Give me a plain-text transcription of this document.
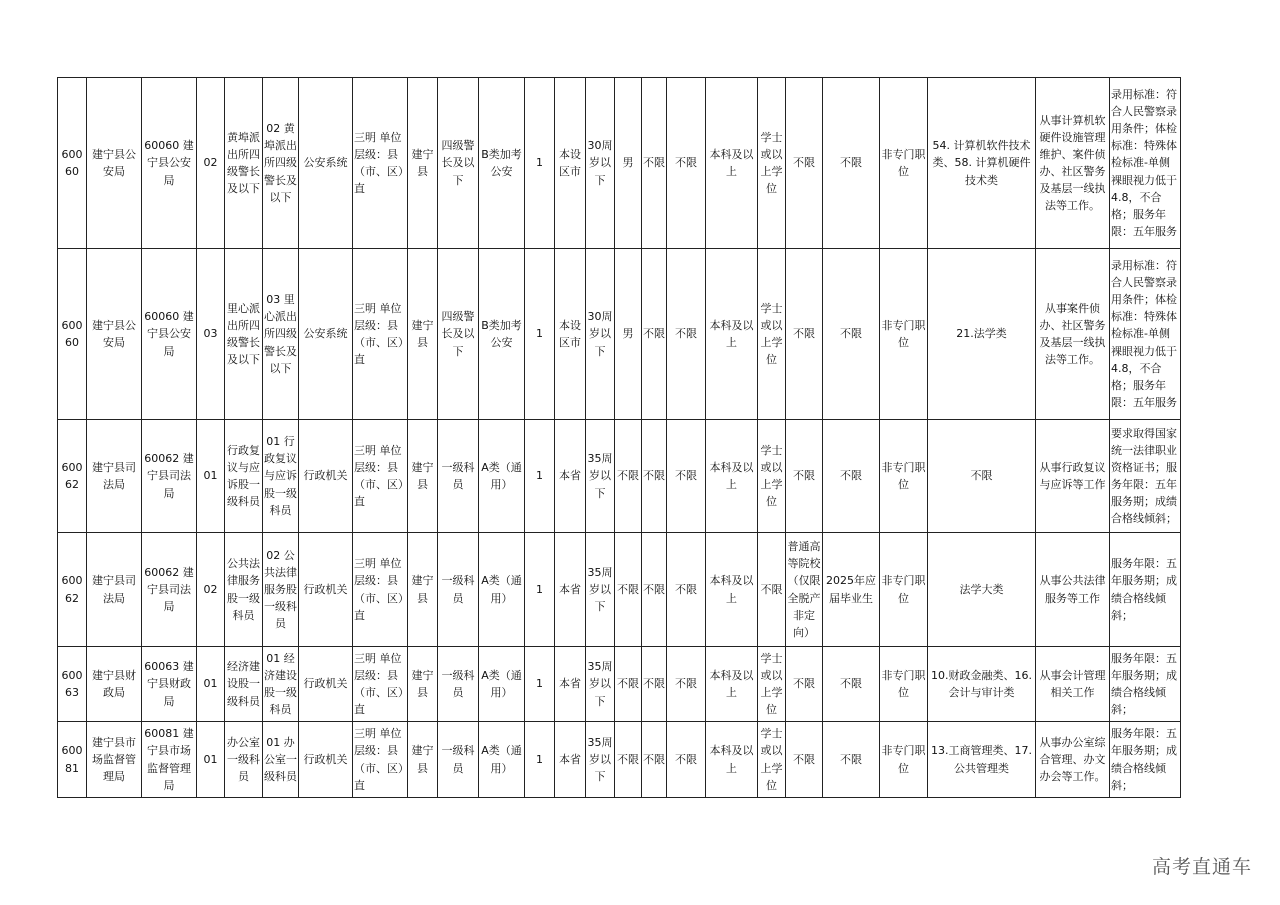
60060	建宁县公安局	60060 建宁县公安局	02	黄埠派出所四级警长及以下	02 黄埠派出所四级警长及以下	公安系统	三明 单位层级：县（市、区）直	建宁县	四级警长及以下	B类加考公安	1	本设区市	30周岁以下	男	不限	不限	本科及以上	学士或以上学位	不限	不限	非专门职位	54. 计算机软件技术类、58. 计算机硬件技术类	从事计算机软硬件设施管理维护、案件侦办、社区警务及基层一线执法等工作。	录用标准：符合人民警察录用条件；体检标准：特殊体检标准-单侧裸眼视力低于4.8，不合格；服务年限：五年服务
60060	建宁县公安局	60060 建宁县公安局	03	里心派出所四级警长及以下	03 里心派出所四级警长及以下	公安系统	三明 单位层级：县（市、区）直	建宁县	四级警长及以下	B类加考公安	1	本设区市	30周岁以下	男	不限	不限	本科及以上	学士或以上学位	不限	不限	非专门职位	21.法学类	从事案件侦办、社区警务及基层一线执法等工作。	录用标准：符合人民警察录用条件；体检标准：特殊体检标准-单侧裸眼视力低于4.8，不合格；服务年限：五年服务
60062	建宁县司法局	60062 建宁县司法局	01	行政复议与应诉股一级科员	01 行政复议与应诉股一级科员	行政机关	三明 单位层级：县（市、区）直	建宁县	一级科员	A类（通用）	1	本省	35周岁以下	不限	不限	不限	本科及以上	学士或以上学位	不限	不限	非专门职位	不限	从事行政复议与应诉等工作	要求取得国家统一法律职业资格证书；服务年限：五年服务期；成绩合格线倾斜；
60062	建宁县司法局	60062 建宁县司法局	02	公共法律服务股一级科员	02 公共法律服务股一级科员	行政机关	三明 单位层级：县（市、区）直	建宁县	一级科员	A类（通用）	1	本省	35周岁以下	不限	不限	不限	本科及以上	不限	普通高等院校（仅限全脱产非定向）	2025年应届毕业生	非专门职位	法学大类	从事公共法律服务等工作	服务年限：五年服务期；成绩合格线倾斜；
60063	建宁县财政局	60063 建宁县财政局	01	经济建设股一级科员	01 经济建设股一级科员	行政机关	三明 单位层级：县（市、区）直	建宁县	一级科员	A类（通用）	1	本省	35周岁以下	不限	不限	不限	本科及以上	学士或以上学位	不限	不限	非专门职位	10.财政金融类、16.会计与审计类	从事会计管理相关工作	服务年限：五年服务期；成绩合格线倾斜；
60081	建宁县市场监督管理局	60081 建宁县市场监督管理局	01	办公室一级科员	01 办公室一级科员	行政机关	三明 单位层级：县（市、区）直	建宁县	一级科员	A类（通用）	1	本省	35周岁以下	不限	不限	不限	本科及以上	学士或以上学位	不限	不限	非专门职位	13.工商管理类、17.公共管理类	从事办公室综合管理、办文办会等工作。	服务年限：五年服务期；成绩合格线倾斜；
高考直通车
